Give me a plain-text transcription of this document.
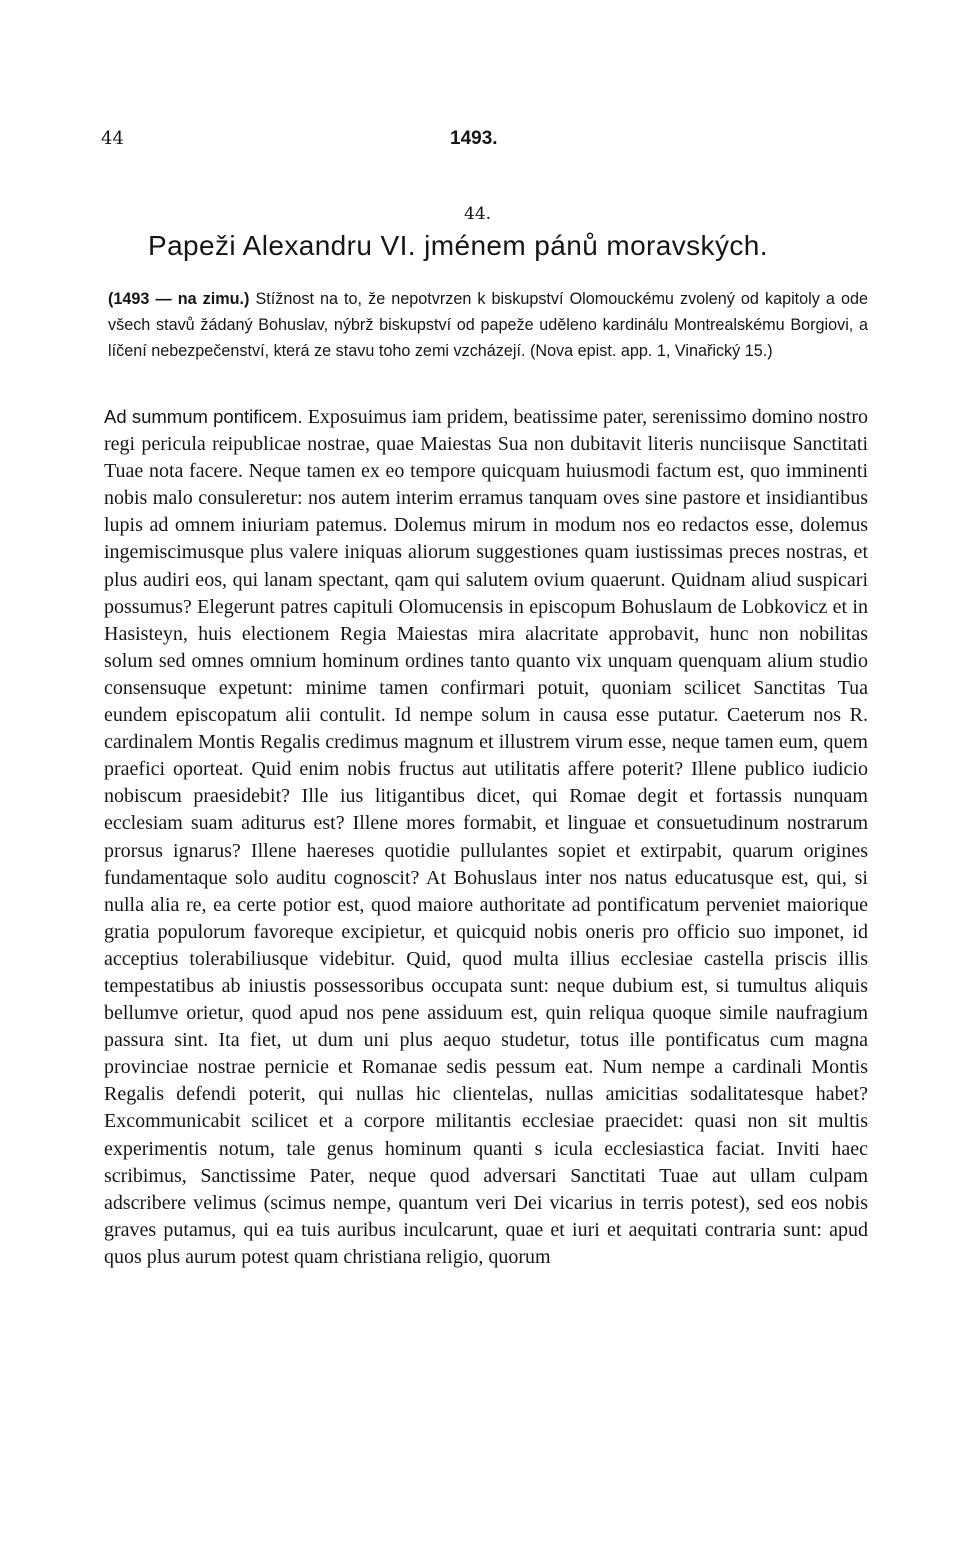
44	1493.
44.
Papeži Alexandru VI. jménem pánů moravských.
(1493 — na zimu.) Stížnost na to, že nepotvrzen k biskupství Olomouckému zvolený od kapitoly a ode všech stavů žádaný Bohuslav, nýbrž biskupství od papeže uděleno kardinálu Montrealskému Borgiovi, a líčení nebezpečenství, která ze stavu toho zemi vzcházejí. (Nova epist. app. 1, Vinařický 15.)
Ad summum pontificem. Exposuimus iam pridem, beatissime pater, serenissimo domino nostro regi pericula reipublicae nostrae, quae Maiestas Sua non dubitavit literis nunciisque Sanctitati Tuae nota facere. Neque tamen ex eo tempore quicquam huiusmodi factum est, quo imminenti nobis malo consuleretur: nos autem interim erramus tanquam oves sine pastore et insidiantibus lupis ad omnem iniuriam patemus. Dolemus mirum in modum nos eo redactos esse, dolemus ingemiscimusque plus valere iniquas aliorum suggestiones quam iustissimas preces nostras, et plus audiri eos, qui lanam spectant, qam qui salutem ovium quaerunt. Quidnam aliud suspicari possumus? Elegerunt patres capituli Olomucensis in episcopum Bohuslaum de Lobkovicz et in Hasisteyn, huis electionem Regia Maiestas mira alacritate approbavit, hunc non nobilitas solum sed omnes omnium hominum ordines tanto quanto vix unquam quenquam alium studio consensuque expetunt: minime tamen confirmari potuit, quoniam scilicet Sanctitas Tua eundem episcopatum alii contulit. Id nempe solum in causa esse putatur. Caeterum nos R. cardinalem Montis Regalis credimus magnum et illustrem virum esse, neque tamen eum, quem praefici oporteat. Quid enim nobis fructus aut utilitatis affere poterit? Illene publico iudicio nobiscum praesidebit? Ille ius litigantibus dicet, qui Romae degit et fortassis nunquam ecclesiam suam aditurus est? Illene mores formabit, et linguae et consuetudinum nostrarum prorsus ignarus? Illene haereses quotidie pullulantes sopiet et extirpabit, quarum origines fundamentaque solo auditu cognoscit? At Bohuslaus inter nos natus educatusque est, qui, si nulla alia re, ea certe potior est, quod maiore authoritate ad pontificatum perveniet maiorique gratia populorum favoreque excipietur, et quicquid nobis oneris pro officio suo imponet, id acceptius tolerabiliusque videbitur. Quid, quod multa illius ecclesiae castella priscis illis tempestatibus ab iniustis possessoribus occupata sunt: neque dubium est, si tumultus aliquis bellumve orietur, quod apud nos pene assiduum est, quin reliqua quoque simile naufragium passura sint. Ita fiet, ut dum uni plus aequo studetur, totus ille pontificatus cum magna provinciae nostrae pernicie et Romanae sedis pessum eat. Num nempe a cardinali Montis Regalis defendi poterit, qui nullas hic clientelas, nullas amicitias sodalitatesque habet? Excommunicabit scilicet et a corpore militantis ecclesiae praecidet: quasi non sit multis experimentis notum, tale genus hominum quanti s icula ecclesiastica faciat. Inviti haec scribimus, Sanctissime Pater, neque quod adversari Sanctitati Tuae aut ullam culpam adscribere velimus (scimus nempe, quantum veri Dei vicarius in terris potest), sed eos nobis graves putamus, qui ea tuis auribus inculcarunt, quae et iuri et aequitati contraria sunt: apud quos plus aurum potest quam christiana religio, quorum
